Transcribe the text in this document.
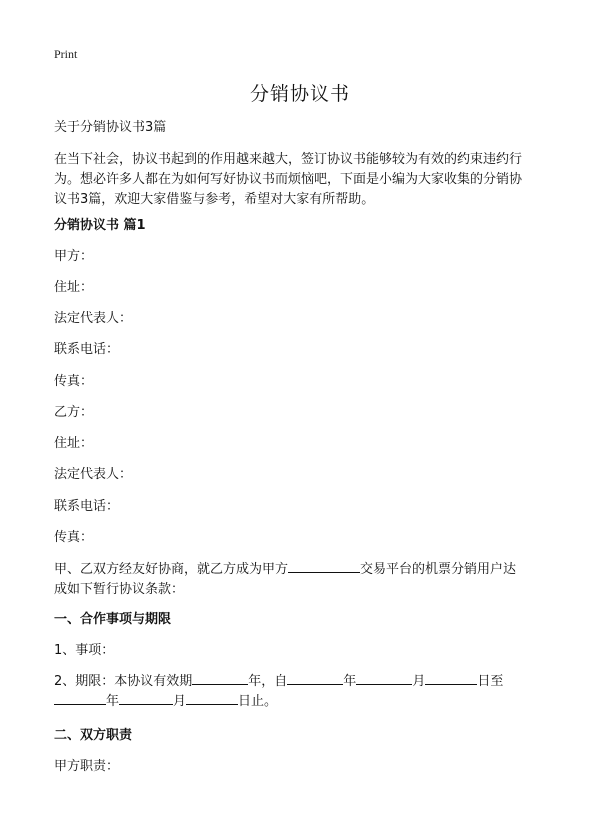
Print
分销协议书
关于分销协议书3篇
在当下社会，协议书起到的作用越来越大，签订协议书能够较为有效的约束违约行
为。想必许多人都在为如何写好协议书而烦恼吧，下面是小编为大家收集的分销协
议书3篇，欢迎大家借鉴与参考，希望对大家有所帮助。
分销协议书 篇1
甲方：
住址：
法定代表人：
联系电话：
传真：
乙方：
住址：
法定代表人：
联系电话：
传真：
甲、乙双方经友好协商，就乙方成为甲方	交易平台的机票分销用户达
成如下暂行协议条款：
一、合作事项与期限
1、事项：
2、期限：本协议有效期	年，自	年	月	日至
年	月	日止。
二、双方职责
甲方职责：
